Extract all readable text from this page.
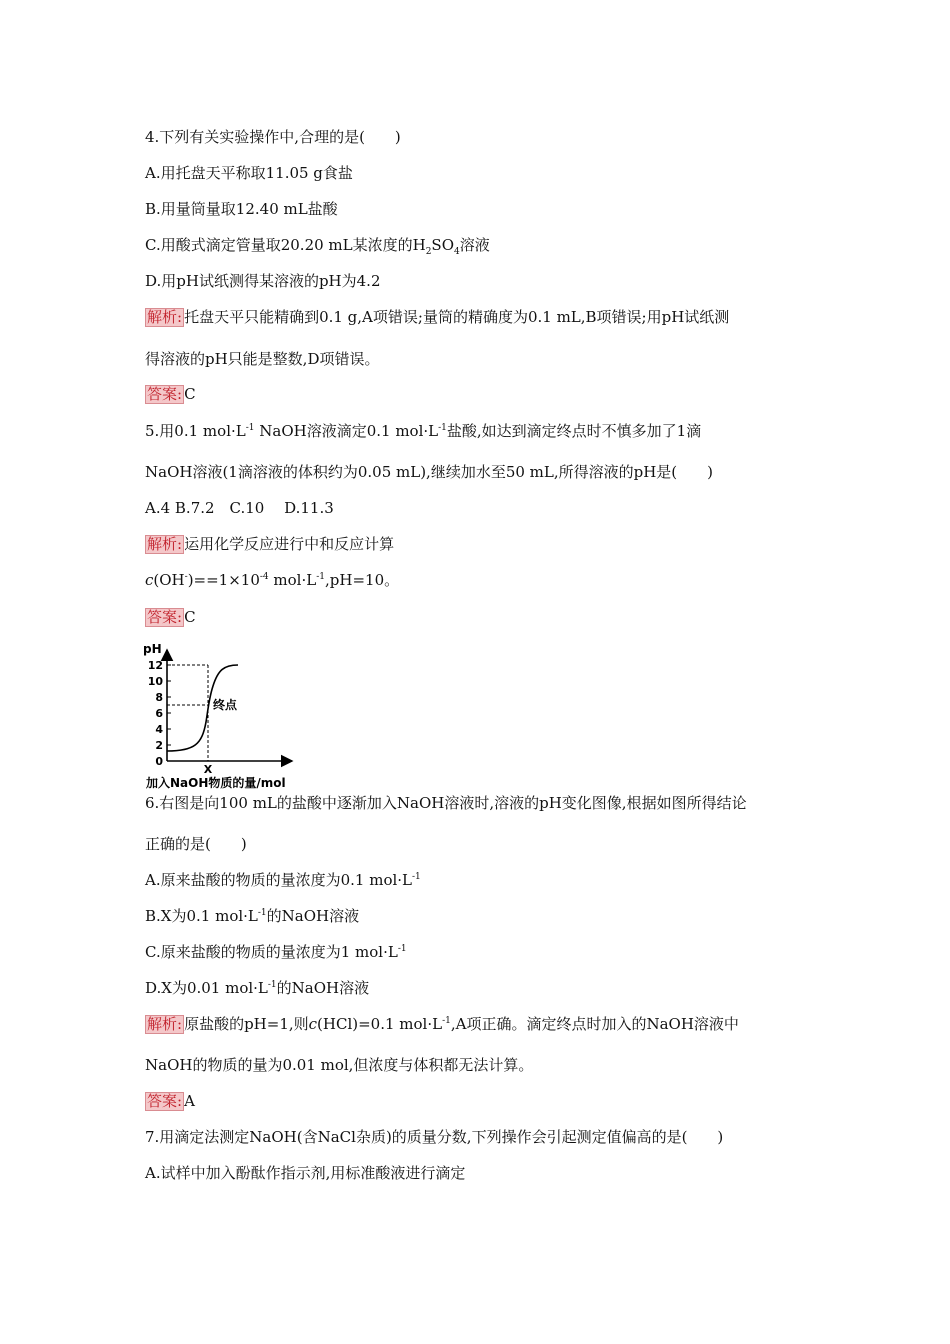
4.下列有关实验操作中,合理的是(　　)
A.用托盘天平称取11.05 g食盐
B.用量筒量取12.40 mL盐酸
C.用酸式滴定管量取20.20 mL某浓度的$H_2SO_4$溶液
D.用pH试纸测得某溶液的pH为4.2
解析: 托盘天平只能精确到0.1 g,A项错误;量筒的精确度为0.1 mL,B项错误;用pH试纸测
得溶液的pH只能是整数,D项错误。
答案: C
5.用0.1 $mol\cdot L^{-1}$ NaOH溶液滴定0.1 $mol\cdot L^{-1}$盐酸,如达到滴定终点时不慎多加了1滴
NaOH溶液(1滴溶液的体积约为0.05 mL),继续加水至50 mL,所得溶液的pH是(　　)
A.4 B.7.2　C.10　 D.11.3
解析: 运用化学反应进行中和反应计算
$c(OH^-)==1\times 10^{-4}$ $mol\cdot L^{-1},pH=10$。
答案: C
pH
12
10
8
6
4
2
0
终点
X
加入NaOH物质的量/mol
6.右图是向100 mL的盐酸中逐渐加入NaOH溶液时,溶液的pH变化图像,根据如图所得结论
正确的是(　　)
A.原来盐酸的物质的量浓度为0.1 $mol\cdot L^{-1}$
B.X为0.1 $mol\cdot L^{-1}$的NaOH溶液
C.原来盐酸的物质的量浓度为1 $mol\cdot L^{-1}$
D.X为0.01 $mol\cdot L^{-1}$的NaOH溶液
解析: 原盐酸的pH=1,则c(HCl)=0.1 $mol\cdot L^{-1},A$项正确。滴定终点时加入的NaOH溶液中
NaOH的物质的量为0.01 mol,但浓度与体积都无法计算。
答案: A
7.用滴定法测定NaOH(含NaCl杂质)的质量分数,下列操作会引起测定值偏高的是(　　)
A.试样中加入酚酞作指示剂,用标准酸液进行滴定
